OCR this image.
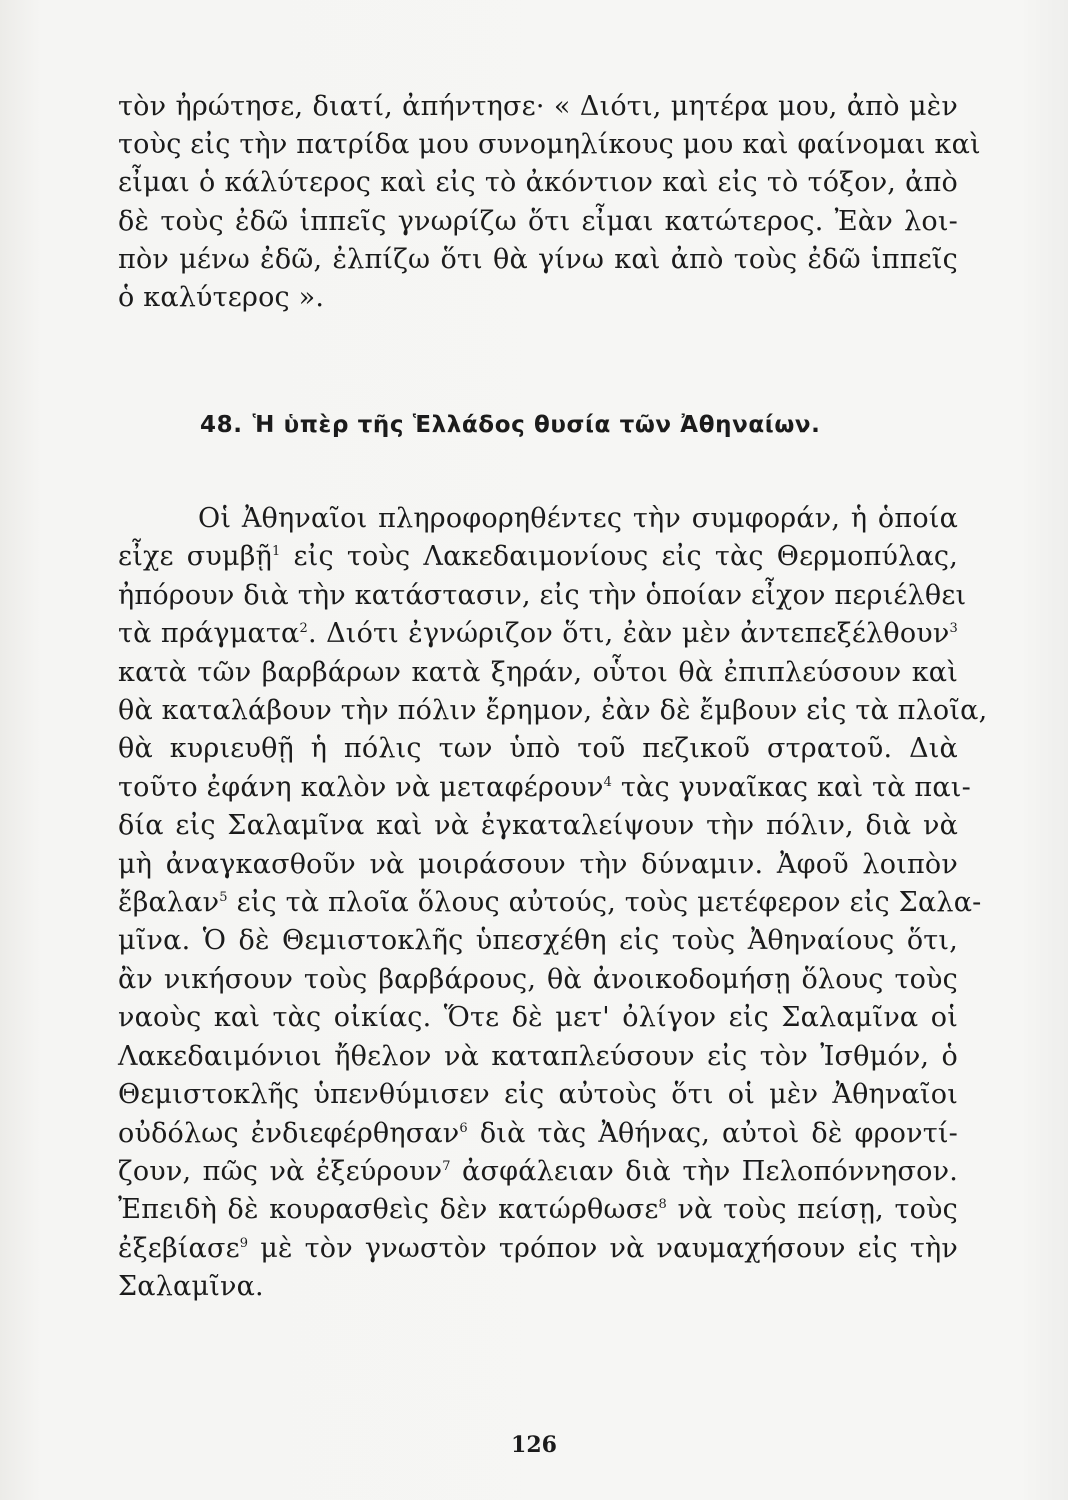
τὸν ἠρώτησε, διατί, ἀπήντησε· « Διότι, μητέρα μου, ἀπὸ μὲν
τοὺς εἰς τὴν πατρίδα μου συνομηλίκους μου καὶ φαίνομαι καὶ
εἶμαι ὁ κάλύτερος καὶ εἰς τὸ ἀκόντιον καὶ εἰς τὸ τόξον, ἀπὸ
δὲ τοὺς ἐδῶ ἱππεῖς γνωρίζω ὅτι εἶμαι κατώτερος. Ἐὰν λοι-
πὸν μένω ἐδῶ, ἐλπίζω ὅτι θὰ γίνω καὶ ἀπὸ τοὺς ἐδῶ ἱππεῖς
ὁ καλύτερος ».
48. Ἡ ὑπὲρ τῆς Ἑλλάδος θυσία τῶν Ἀθηναίων.
Οἱ Ἀθηναῖοι πληροφορηθέντες τὴν συμφοράν, ἡ ὁποία
εἶχε συμβῇ$^1$ εἰς τοὺς Λακεδαιμονίους εἰς τὰς Θερμοπύλας,
ἠπόρουν διὰ τὴν κατάστασιν, εἰς τὴν ὁποίαν εἶχον περιέλθει
τὰ πράγματα$^2$. Διότι ἐγνώριζον ὅτι, ἐὰν μὲν ἀντεπεξέλθουν$^3$
κατὰ τῶν βαρβάρων κατὰ ξηράν, οὗτοι θὰ ἐπιπλεύσουν καὶ
θὰ καταλάβουν τὴν πόλιν ἔρημον, ἐὰν δὲ ἔμβουν εἰς τὰ πλοῖα,
θὰ κυριευθῇ ἡ πόλις των ὑπὸ τοῦ πεζικοῦ στρατοῦ. Διὰ
τοῦτο ἐφάνη καλὸν νὰ μεταφέρουν$^4$ τὰς γυναῖκας καὶ τὰ παι-
δία εἰς Σαλαμῖνα καὶ νὰ ἐγκαταλείψουν τὴν πόλιν, διὰ νὰ
μὴ ἀναγκασθοῦν νὰ μοιράσουν τὴν δύναμιν. Ἀφοῦ λοιπὸν
ἔβαλαν$^5$ εἰς τὰ πλοῖα ὅλους αὐτούς, τοὺς μετέφερον εἰς Σαλα-
μῖνα. Ὁ δὲ Θεμιστοκλῆς ὑπεσχέθη εἰς τοὺς Ἀθηναίους ὅτι,
ἂν νικήσουν τοὺς βαρβάρους, θὰ ἀνοικοδομήσῃ ὅλους τοὺς
ναοὺς καὶ τὰς οἰκίας. Ὅτε δὲ μετ' ὀλίγον εἰς Σαλαμῖνα οἱ
Λακεδαιμόνιοι ἤθελον νὰ καταπλεύσουν εἰς τὸν Ἰσθμόν, ὁ
Θεμιστοκλῆς ὑπενθύμισεν εἰς αὐτοὺς ὅτι οἱ μὲν Ἀθηναῖοι
οὐδόλως ἐνδιεφέρθησαν$^6$ διὰ τὰς Ἀθήνας, αὐτοὶ δὲ φροντί-
ζουν, πῶς νὰ ἐξεύρουν$^7$ ἀσφάλειαν διὰ τὴν Πελοπόννησον.
Ἐπειδὴ δὲ κουρασθεὶς δὲν κατώρθωσε$^8$ νὰ τοὺς πείσῃ, τοὺς
ἐξεβίασε$^9$ μὲ τὸν γνωστὸν τρόπον νὰ ναυμαχήσουν εἰς τὴν
Σαλαμῖνα.
126
